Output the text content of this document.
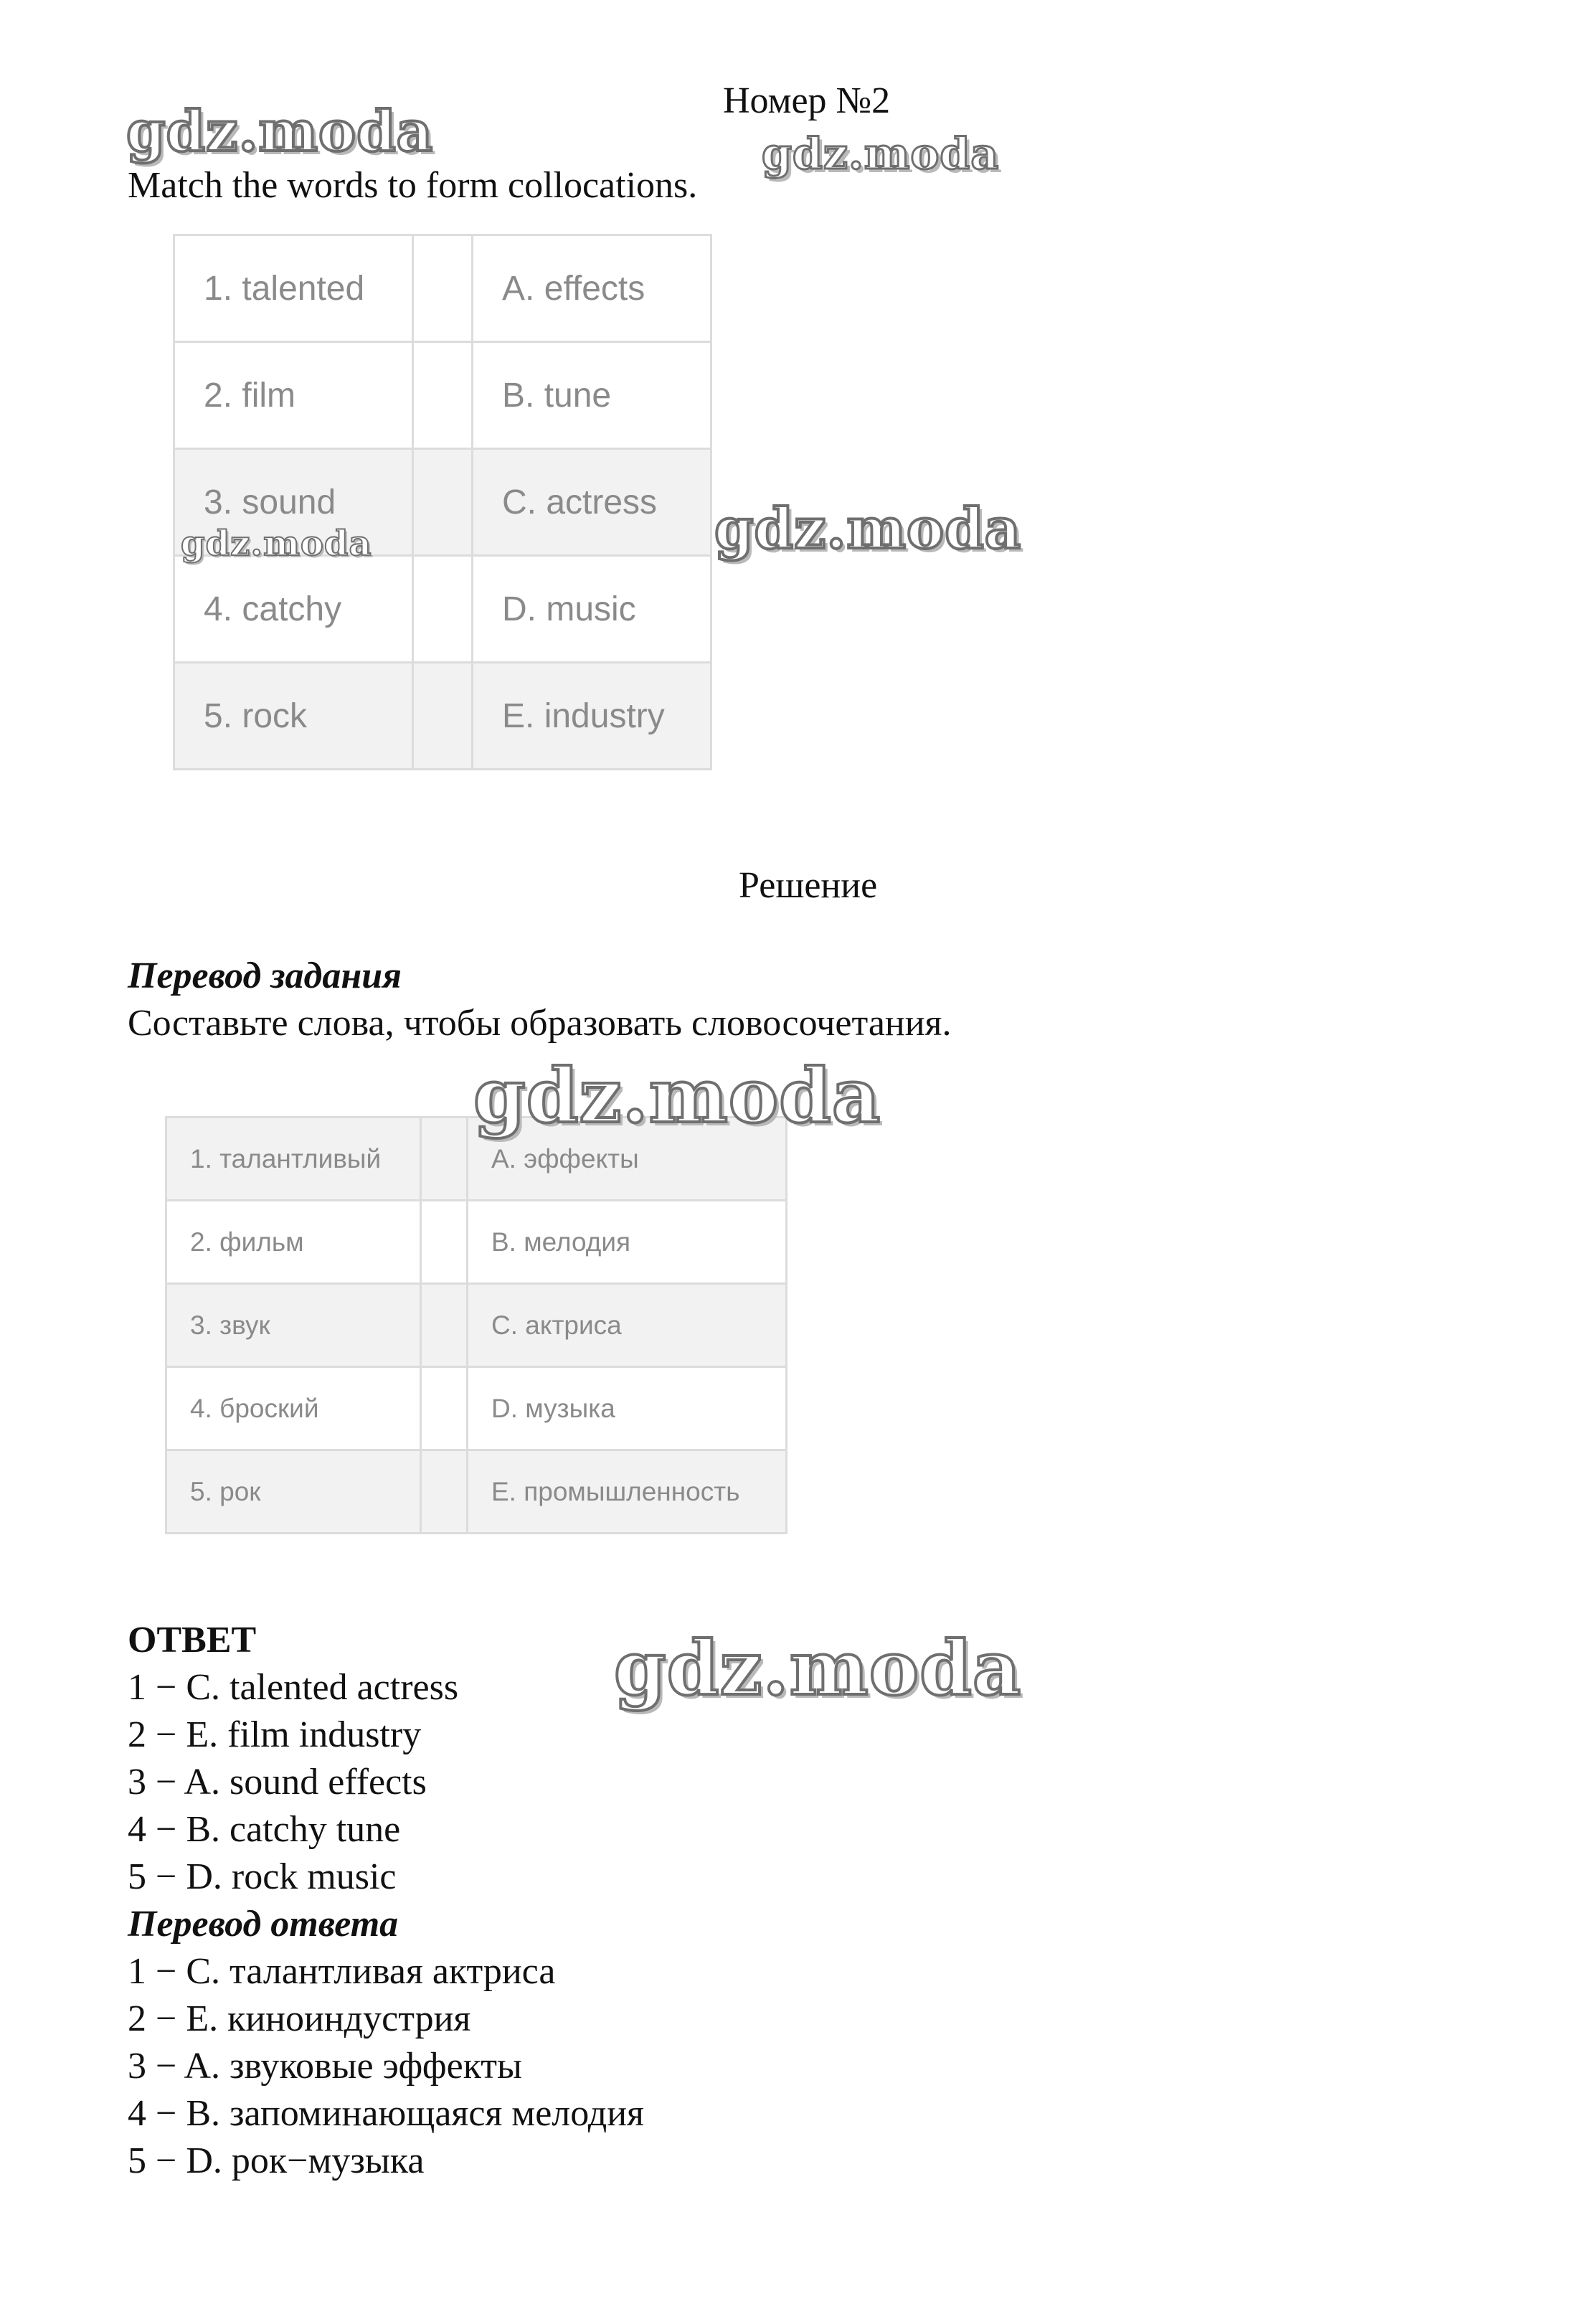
Номер №2
Match the words to form collocations.
1. talented		A. effects
2. film		B. tune
3. sound		C. actress
4. catchy		D. music
5. rock		E. industry
Решение
Перевод задания
Составьте слова, чтобы образовать словосочетания.
1. талантливый		A. эффекты
2. фильм		B. мелодия
3. звук		C. актриса
4. броский		D. музыка
5. рок		E. промышленность
ОТВЕТ
1 − C. talented actress
2 − E. film industry
3 − A. sound effects
4 − B. catchy tune
5 − D. rock music
Перевод ответа
1 − C. талантливая актриса
2 − E. киноиндустрия
3 − A. звуковые эффекты
4 − B. запоминающаяся мелодия
5 − D. рок−музыка
gdz.moda	gdz.moda
gdz.moda	gdz.moda
gdz.moda
gdz.moda
